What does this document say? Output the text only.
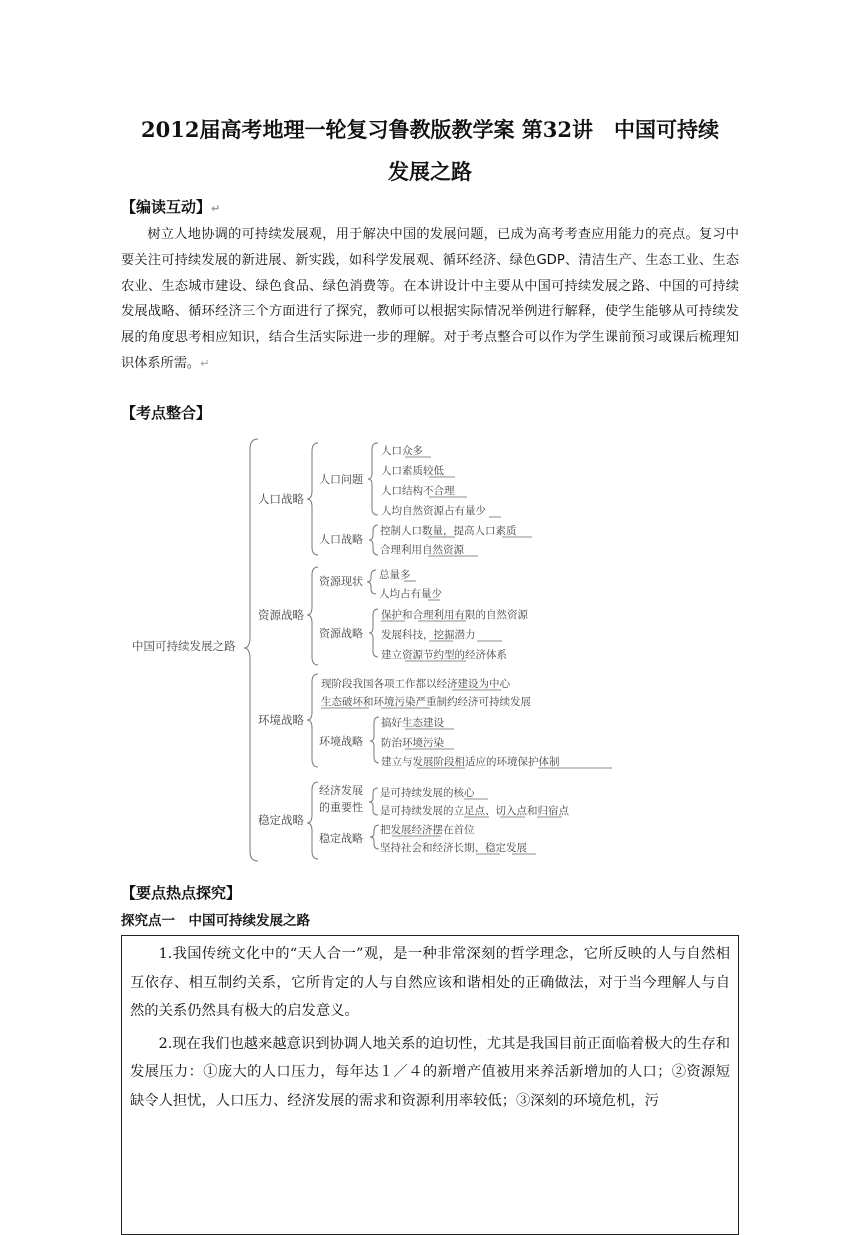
2012届高考地理一轮复习鲁教版教学案 第32讲　中国可持续
发展之路
【编读互动】↵

树立人地协调的可持续发展观，用于解决中国的发展问题，已成为高考考查应用能力的亮点。复习中要关注可持续发展的新进展、新实践，如科学发展观、循环经济、绿色GDP、清洁生产、生态工业、生态农业、生态城市建设、绿色食品、绿色消费等。在本讲设计中主要从中国可持续发展之路、中国的可持续发展战略、循环经济三个方面进行了探究，教师可以根据实际情况举例进行解释，使学生能够从可持续发展的角度思考相应知识，结合生活实际进一步的理解。对于考点整合可以作为学生课前预习或课后梳理知识体系所需。↵

【考点整合】
中国可持续发展之路
人口战略
资源战略
环境战略
稳定战略
人口问题
人口众多
人口素质较低
人口结构不合理
人均自然资源占有量少
人口战略
控制人口数量，提高人口素质
合理利用自然资源
资源现状 总量多
人均占有量少
资源战略
保护和合理利用有限的自然资源
发展科技，挖掘潜力
建立资源节约型的经济体系
现阶段我国各项工作都以经济建设为中心
生态破坏和环境污染严重制约经济可持续发展
环境战略
搞好生态建设
防治环境污染
建立与发展阶段相适应的环境保护体制
经济发展
的重要性
是可持续发展的核心
是可持续发展的立足点、切入点和归宿点
稳定战略
把发展经济摆在首位
坚持社会和经济长期、稳定发展
【要点热点探究】
探究点一　中国可持续发展之路

1.我国传统文化中的“天人合一”观，是一种非常深刻的哲学理念，它所反映的人与自然相互依存、相互制约关系，它所肯定的人与自然应该和谐相处的正确做法，对于当今理解人与自然的关系仍然具有极大的启发意义。

2.现在我们也越来越意识到协调人地关系的迫切性，尤其是我国目前正面临着极大的生存和发展压力：①庞大的人口压力，每年达１／４的新增产值被用来养活新增加的人口；②资源短缺令人担忧，人口压力、经济发展的需求和资源利用率较低；③深刻的环境危机，污
